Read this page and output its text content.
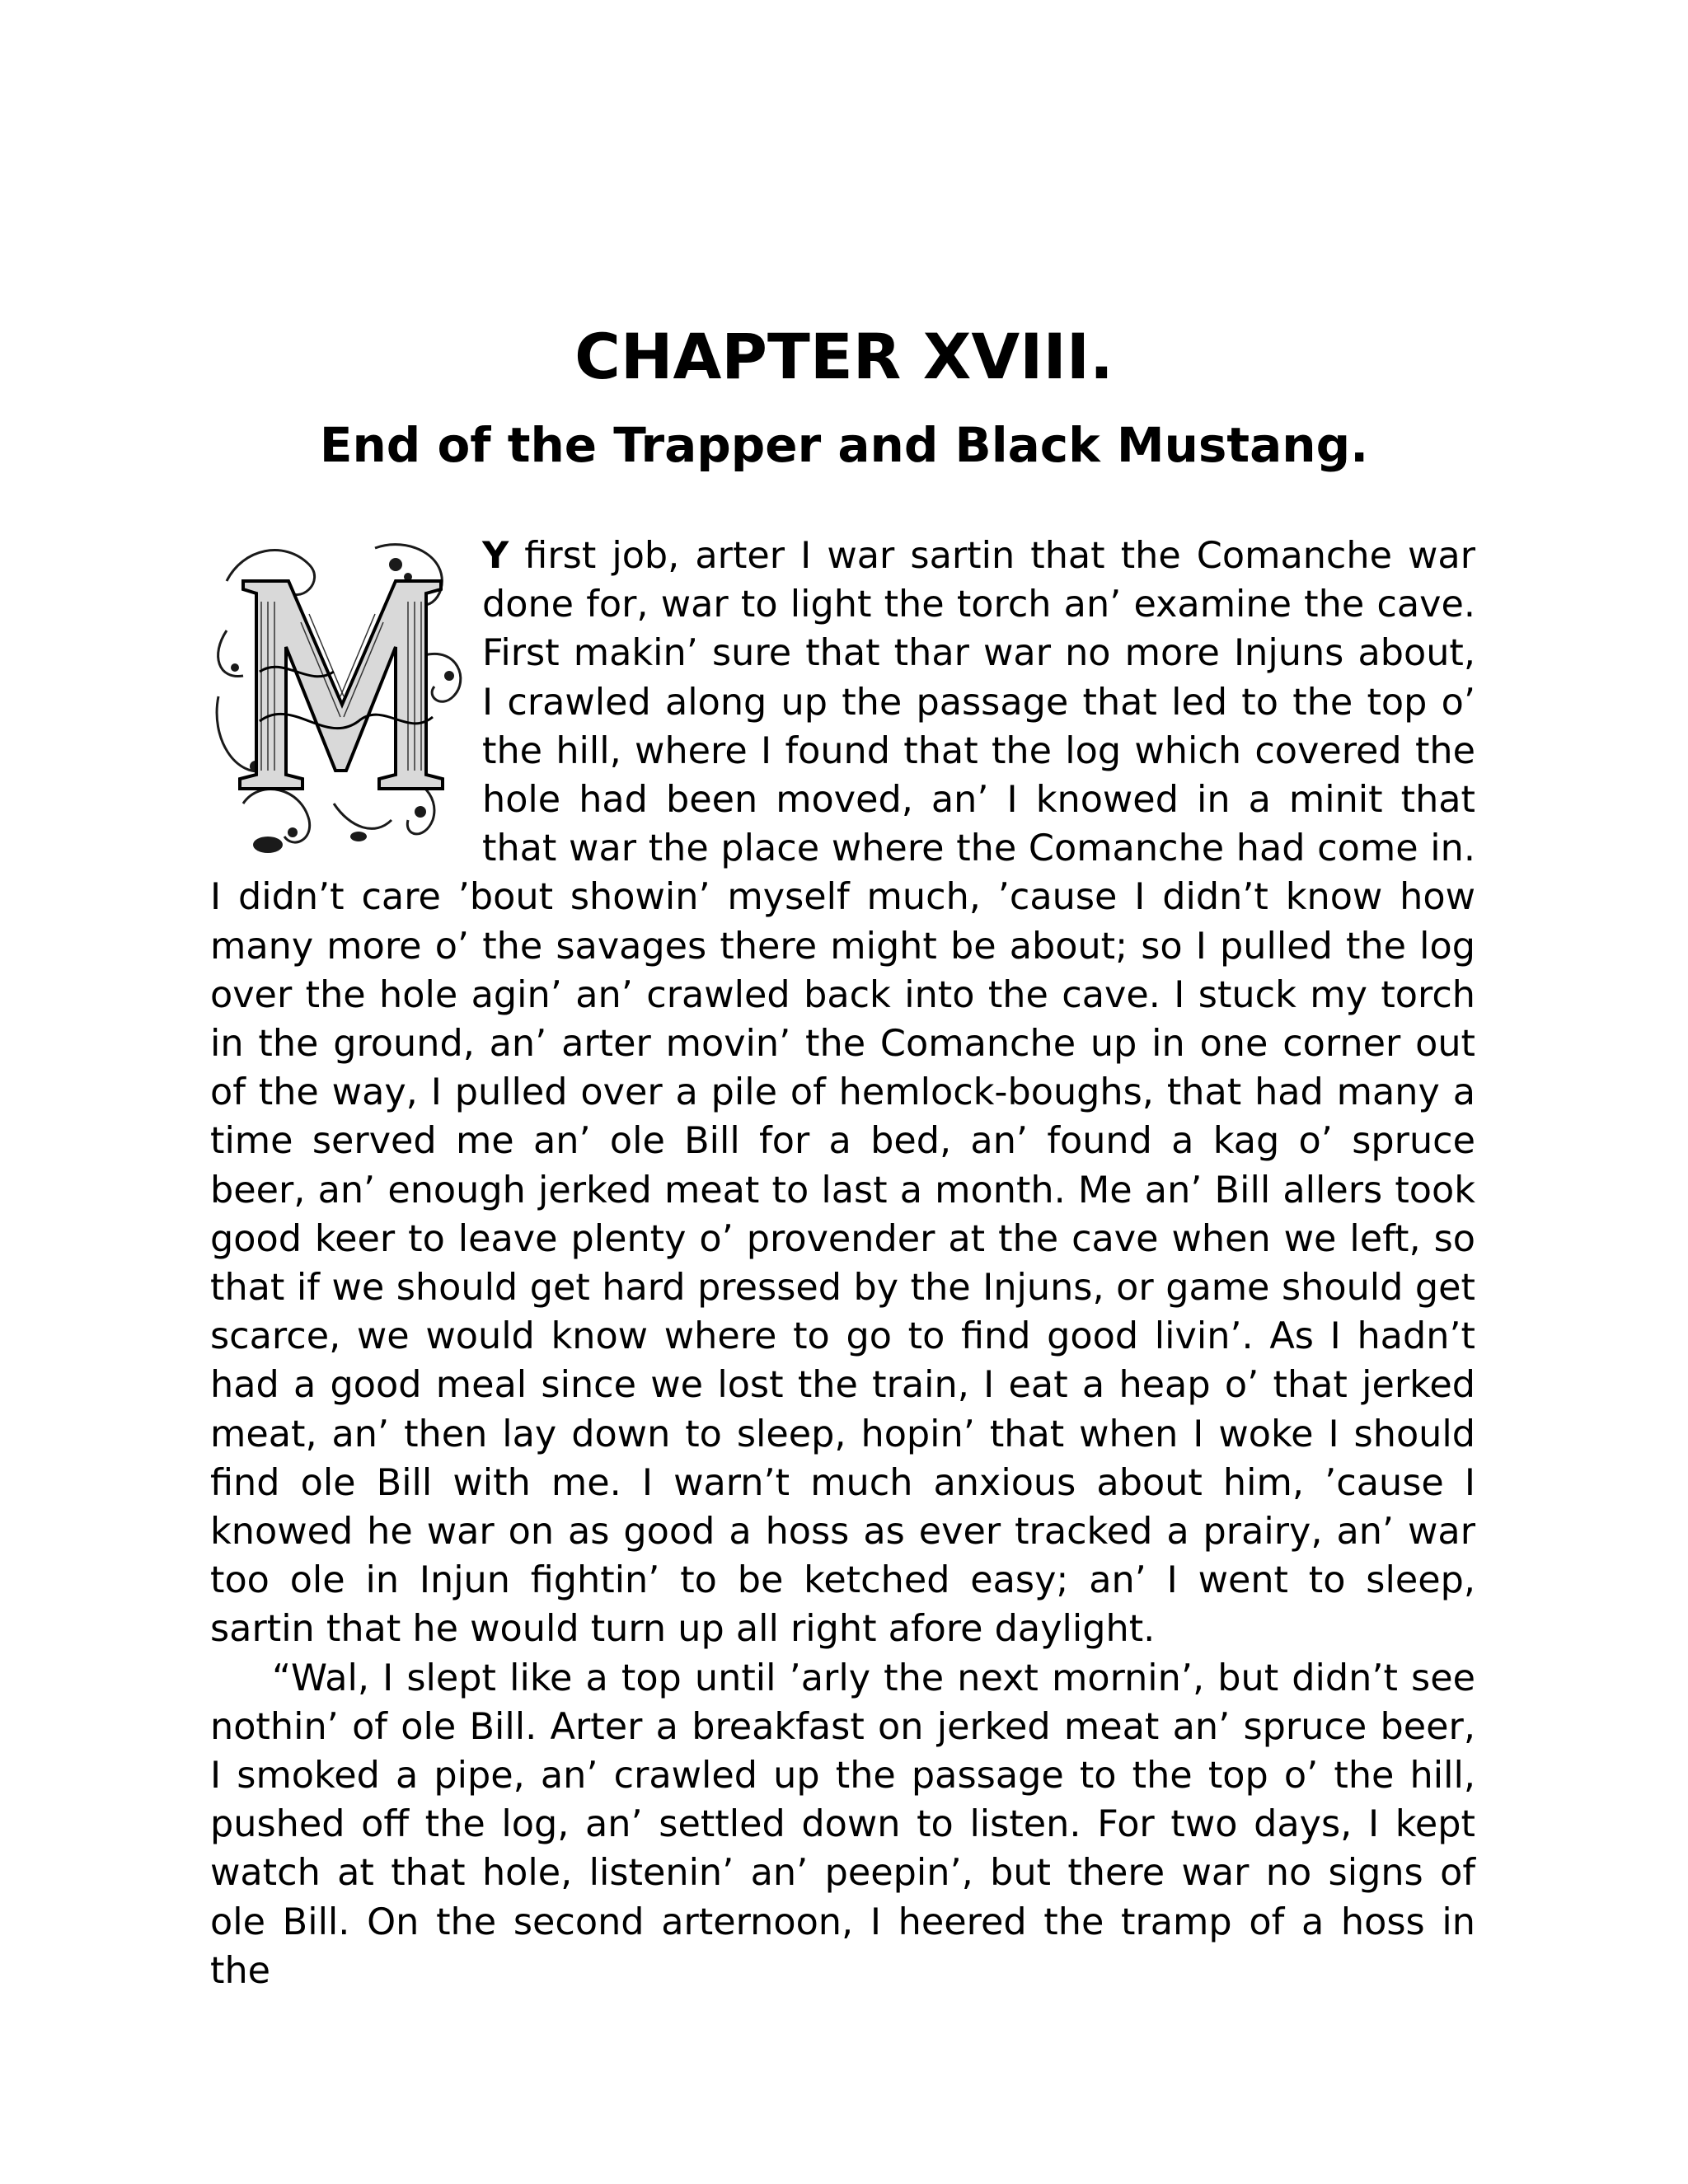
CHAPTER XVIII.
End of the Trapper and Black Mustang.

Y first job, arter I war sartin that the Comanche war done for, war to light the torch an’ examine the cave. First makin’ sure that thar war no more Injuns about, I crawled along up the passage that led to the top o’ the hill, where I found that the log which covered the hole had been moved, an’ I knowed in a minit that that war the place where the Comanche had come in. I didn’t care ’bout showin’ myself much, ’cause I didn’t know how many more o’ the savages there might be about; so I pulled the log over the hole agin’ an’ crawled back into the cave. I stuck my torch in the ground, an’ arter movin’ the Comanche up in one corner out of the way, I pulled over a pile of hemlock-boughs, that had many a time served me an’ ole Bill for a bed, an’ found a kag o’ spruce beer, an’ enough jerked meat to last a month. Me an’ Bill allers took good keer to leave plenty o’ provender at the cave when we left, so that if we should get hard pressed by the Injuns, or game should get scarce, we would know where to go to find good livin’. As I hadn’t had a good meal since we lost the train, I eat a heap o’ that jerked meat, an’ then lay down to sleep, hopin’ that when I woke I should find ole Bill with me. I warn’t much anxious about him, ’cause I knowed he war on as good a hoss as ever tracked a prairy, an’ war too ole in Injun fightin’ to be ketched easy; an’ I went to sleep, sartin that he would turn up all right afore daylight.

“Wal, I slept like a top until ’arly the next mornin’, but didn’t see nothin’ of ole Bill. Arter a breakfast on jerked meat an’ spruce beer, I smoked a pipe, an’ crawled up the passage to the top o’ the hill, pushed off the log, an’ settled down to listen. For two days, I kept watch at that hole, listenin’ an’ peepin’, but there war no signs of ole Bill. On the second arternoon, I heered the tramp of a hoss in the
